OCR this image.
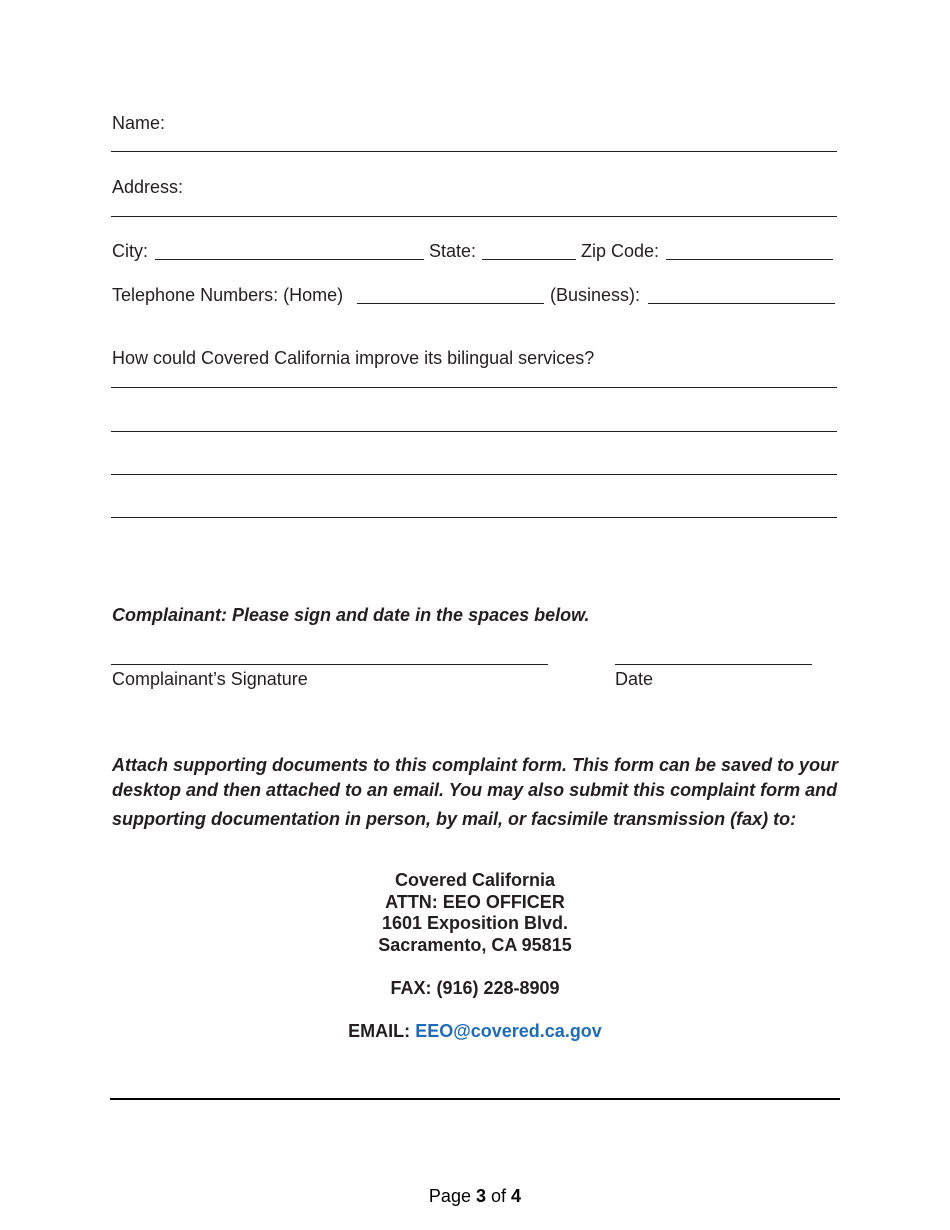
Name:
Address:
City:	State:	Zip Code:
Telephone Numbers: (Home)	(Business):
How could Covered California improve its bilingual services?
Complainant: Please sign and date in the spaces below.
Complainant’s Signature	Date
Attach supporting documents to this complaint form. This form can be saved to your
desktop and then attached to an email. You may also submit this complaint form and
supporting documentation in person, by mail, or facsimile transmission (fax) to:
Covered California
ATTN: EEO OFFICER
1601 Exposition Blvd.
Sacramento, CA 95815
FAX: (916) 228-8909
EMAIL: EEO@covered.ca.gov
Page 3 of 4
